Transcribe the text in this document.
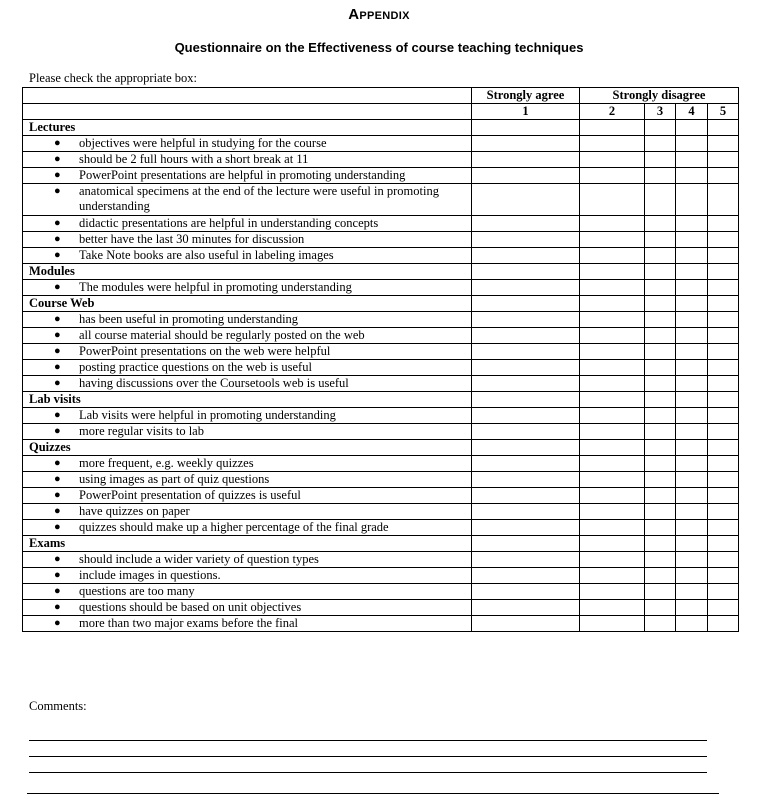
Appendix
Questionnaire on the Effectiveness of course teaching techniques
Please check the appropriate box:
	Strongly agree	Strongly disagree			
	1	2	3	4	5
Lectures					

● objectives were helpful in studying for the course					

● should be 2 full hours with a short break at 11					

● PowerPoint presentations are helpful in promoting understanding					

● anatomical specimens at the end of the lecture were useful in promoting understanding					

● didactic presentations are helpful in understanding concepts					

● better have the last 30 minutes for discussion					

● Take Note books are also useful in labeling images					
Modules					

● The modules were helpful in promoting understanding					
Course Web					

● has been useful in promoting understanding					

● all course material should be regularly posted on the web					

● PowerPoint presentations on the web were helpful					

● posting practice questions on the web is useful					

● having discussions over the Coursetools web is useful					
Lab visits					

● Lab visits were helpful in promoting understanding					

● more regular visits to lab					
Quizzes					

● more frequent, e.g. weekly quizzes					

● using images as part of quiz questions					

● PowerPoint presentation of quizzes is useful					

● have quizzes on paper					

● quizzes should make up a higher percentage of the final grade					
Exams					

● should include a wider variety of question types					

● include images in questions.					

● questions are too many					

● questions should be based on unit objectives					

● more than two major exams before the final					
Comments:
